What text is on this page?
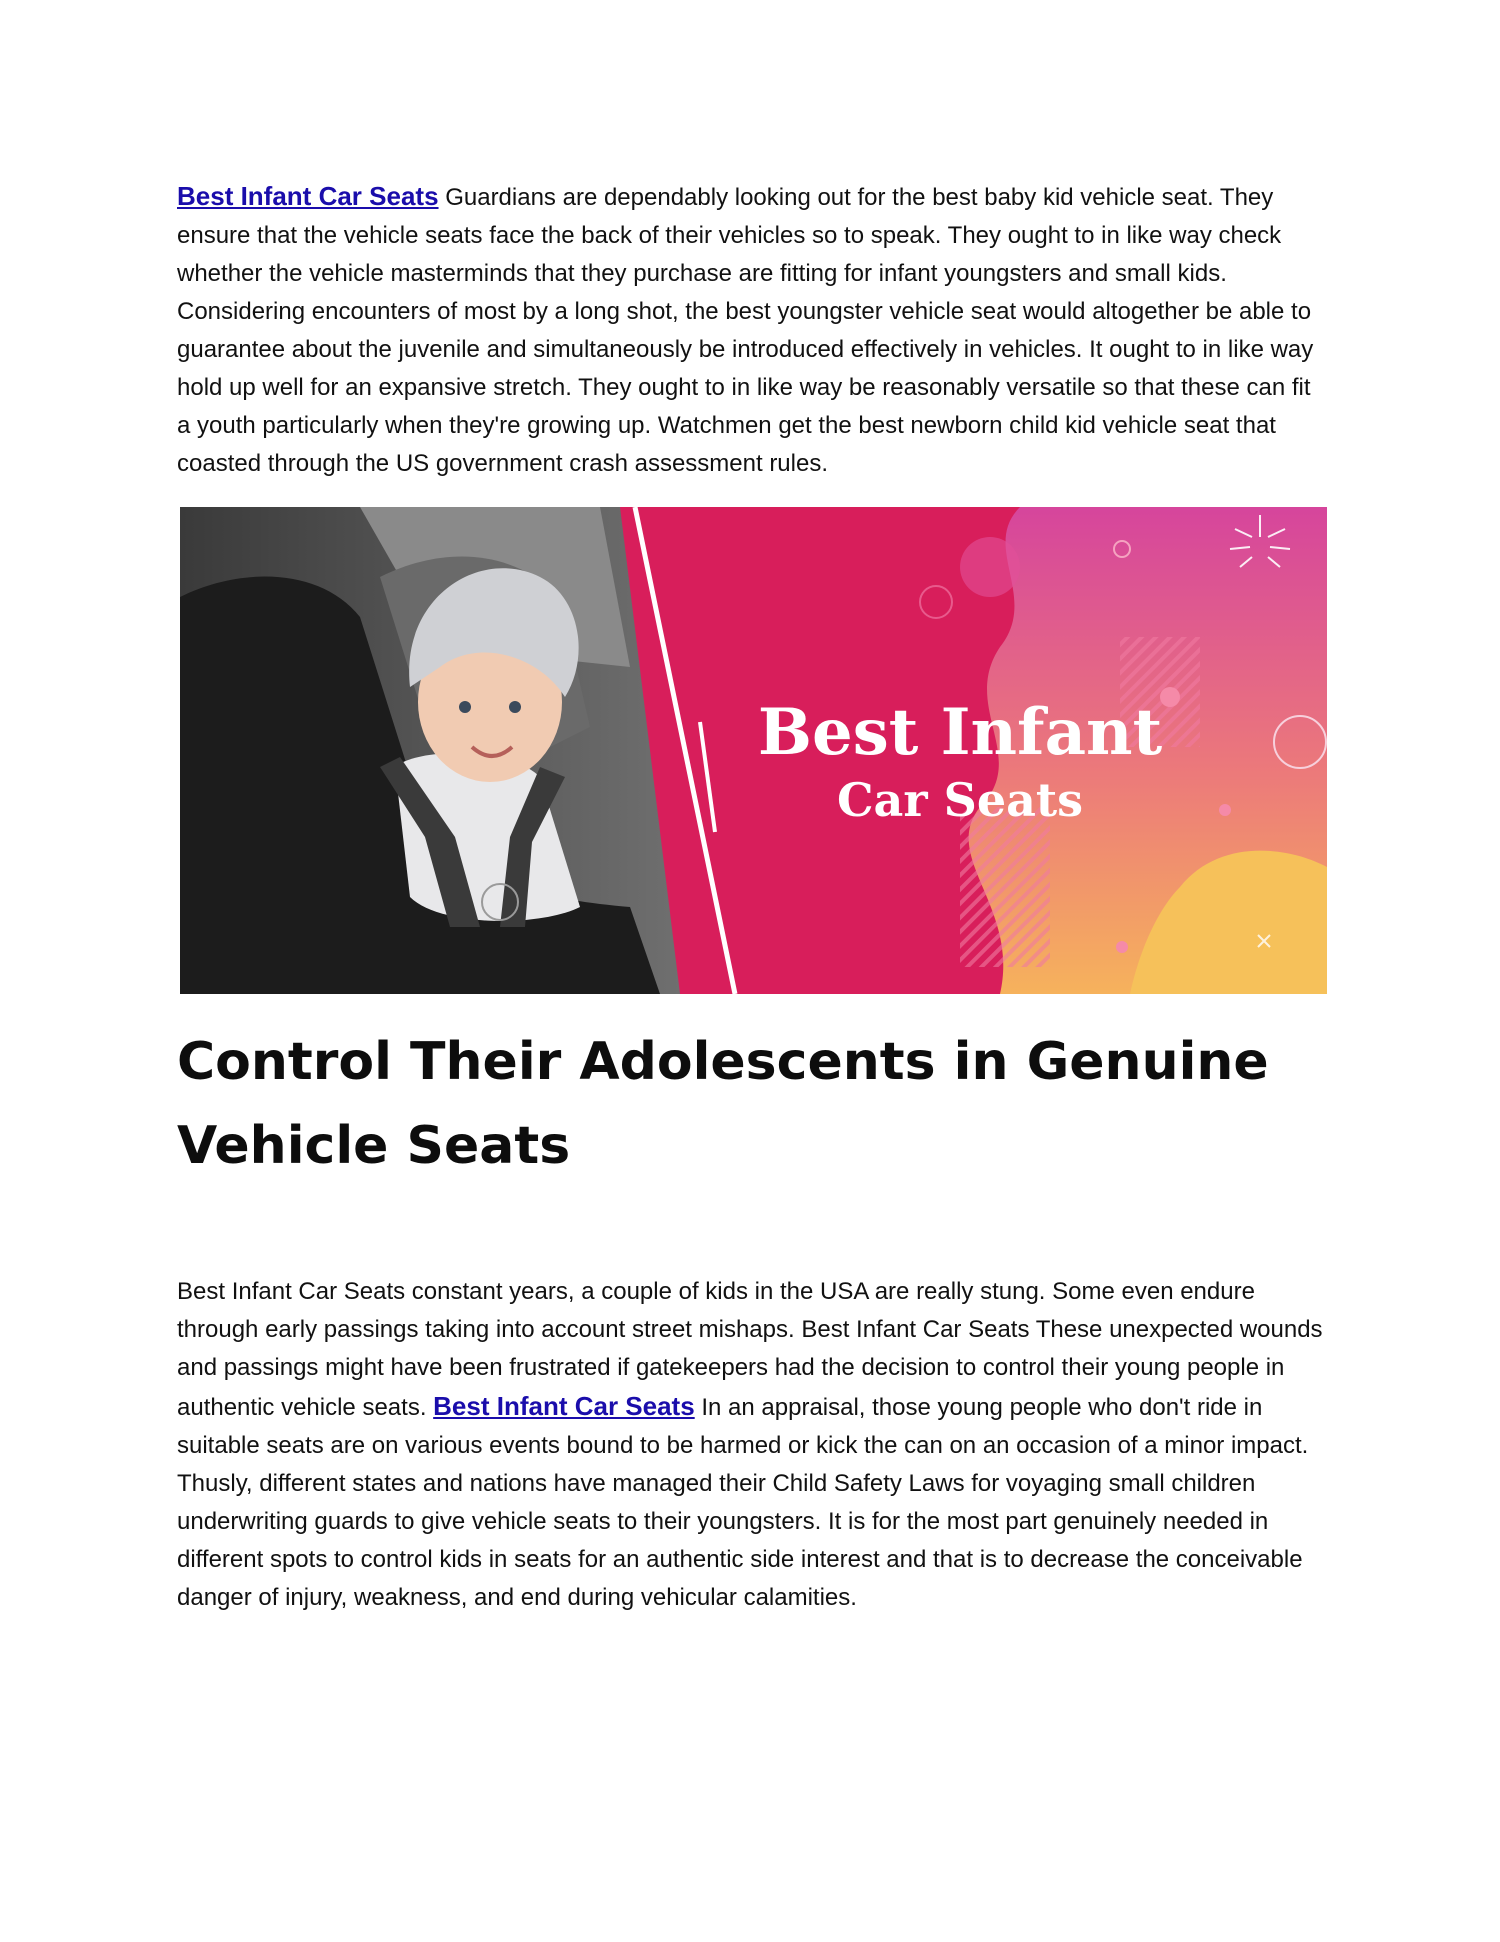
Best Infant Car Seats Guardians are dependably looking out for the best baby kid vehicle seat. They ensure that the vehicle seats face the back of their vehicles so to speak. They ought to in like way check whether the vehicle masterminds that they purchase are fitting for infant youngsters and small kids. Considering encounters of most by a long shot, the best youngster vehicle seat would altogether be able to guarantee about the juvenile and simultaneously be introduced effectively in vehicles. It ought to in like way hold up well for an expansive stretch. They ought to in like way be reasonably versatile so that these can fit a youth particularly when they're growing up. Watchmen get the best newborn child kid vehicle seat that coasted through the US government crash assessment rules.

Best Infant
Car Seats

Control Their Adolescents in Genuine Vehicle Seats

Best Infant Car Seats constant years, a couple of kids in the USA are really stung. Some even endure through early passings taking into account street mishaps. Best Infant Car Seats These unexpected wounds and passings might have been frustrated if gatekeepers had the decision to control their young people in authentic vehicle seats. Best Infant Car Seats In an appraisal, those young people who don't ride in suitable seats are on various events bound to be harmed or kick the can on an occasion of a minor impact. Thusly, different states and nations have managed their Child Safety Laws for voyaging small children underwriting guards to give vehicle seats to their youngsters. It is for the most part genuinely needed in different spots to control kids in seats for an authentic side interest and that is to decrease the conceivable danger of injury, weakness, and end during vehicular calamities.
